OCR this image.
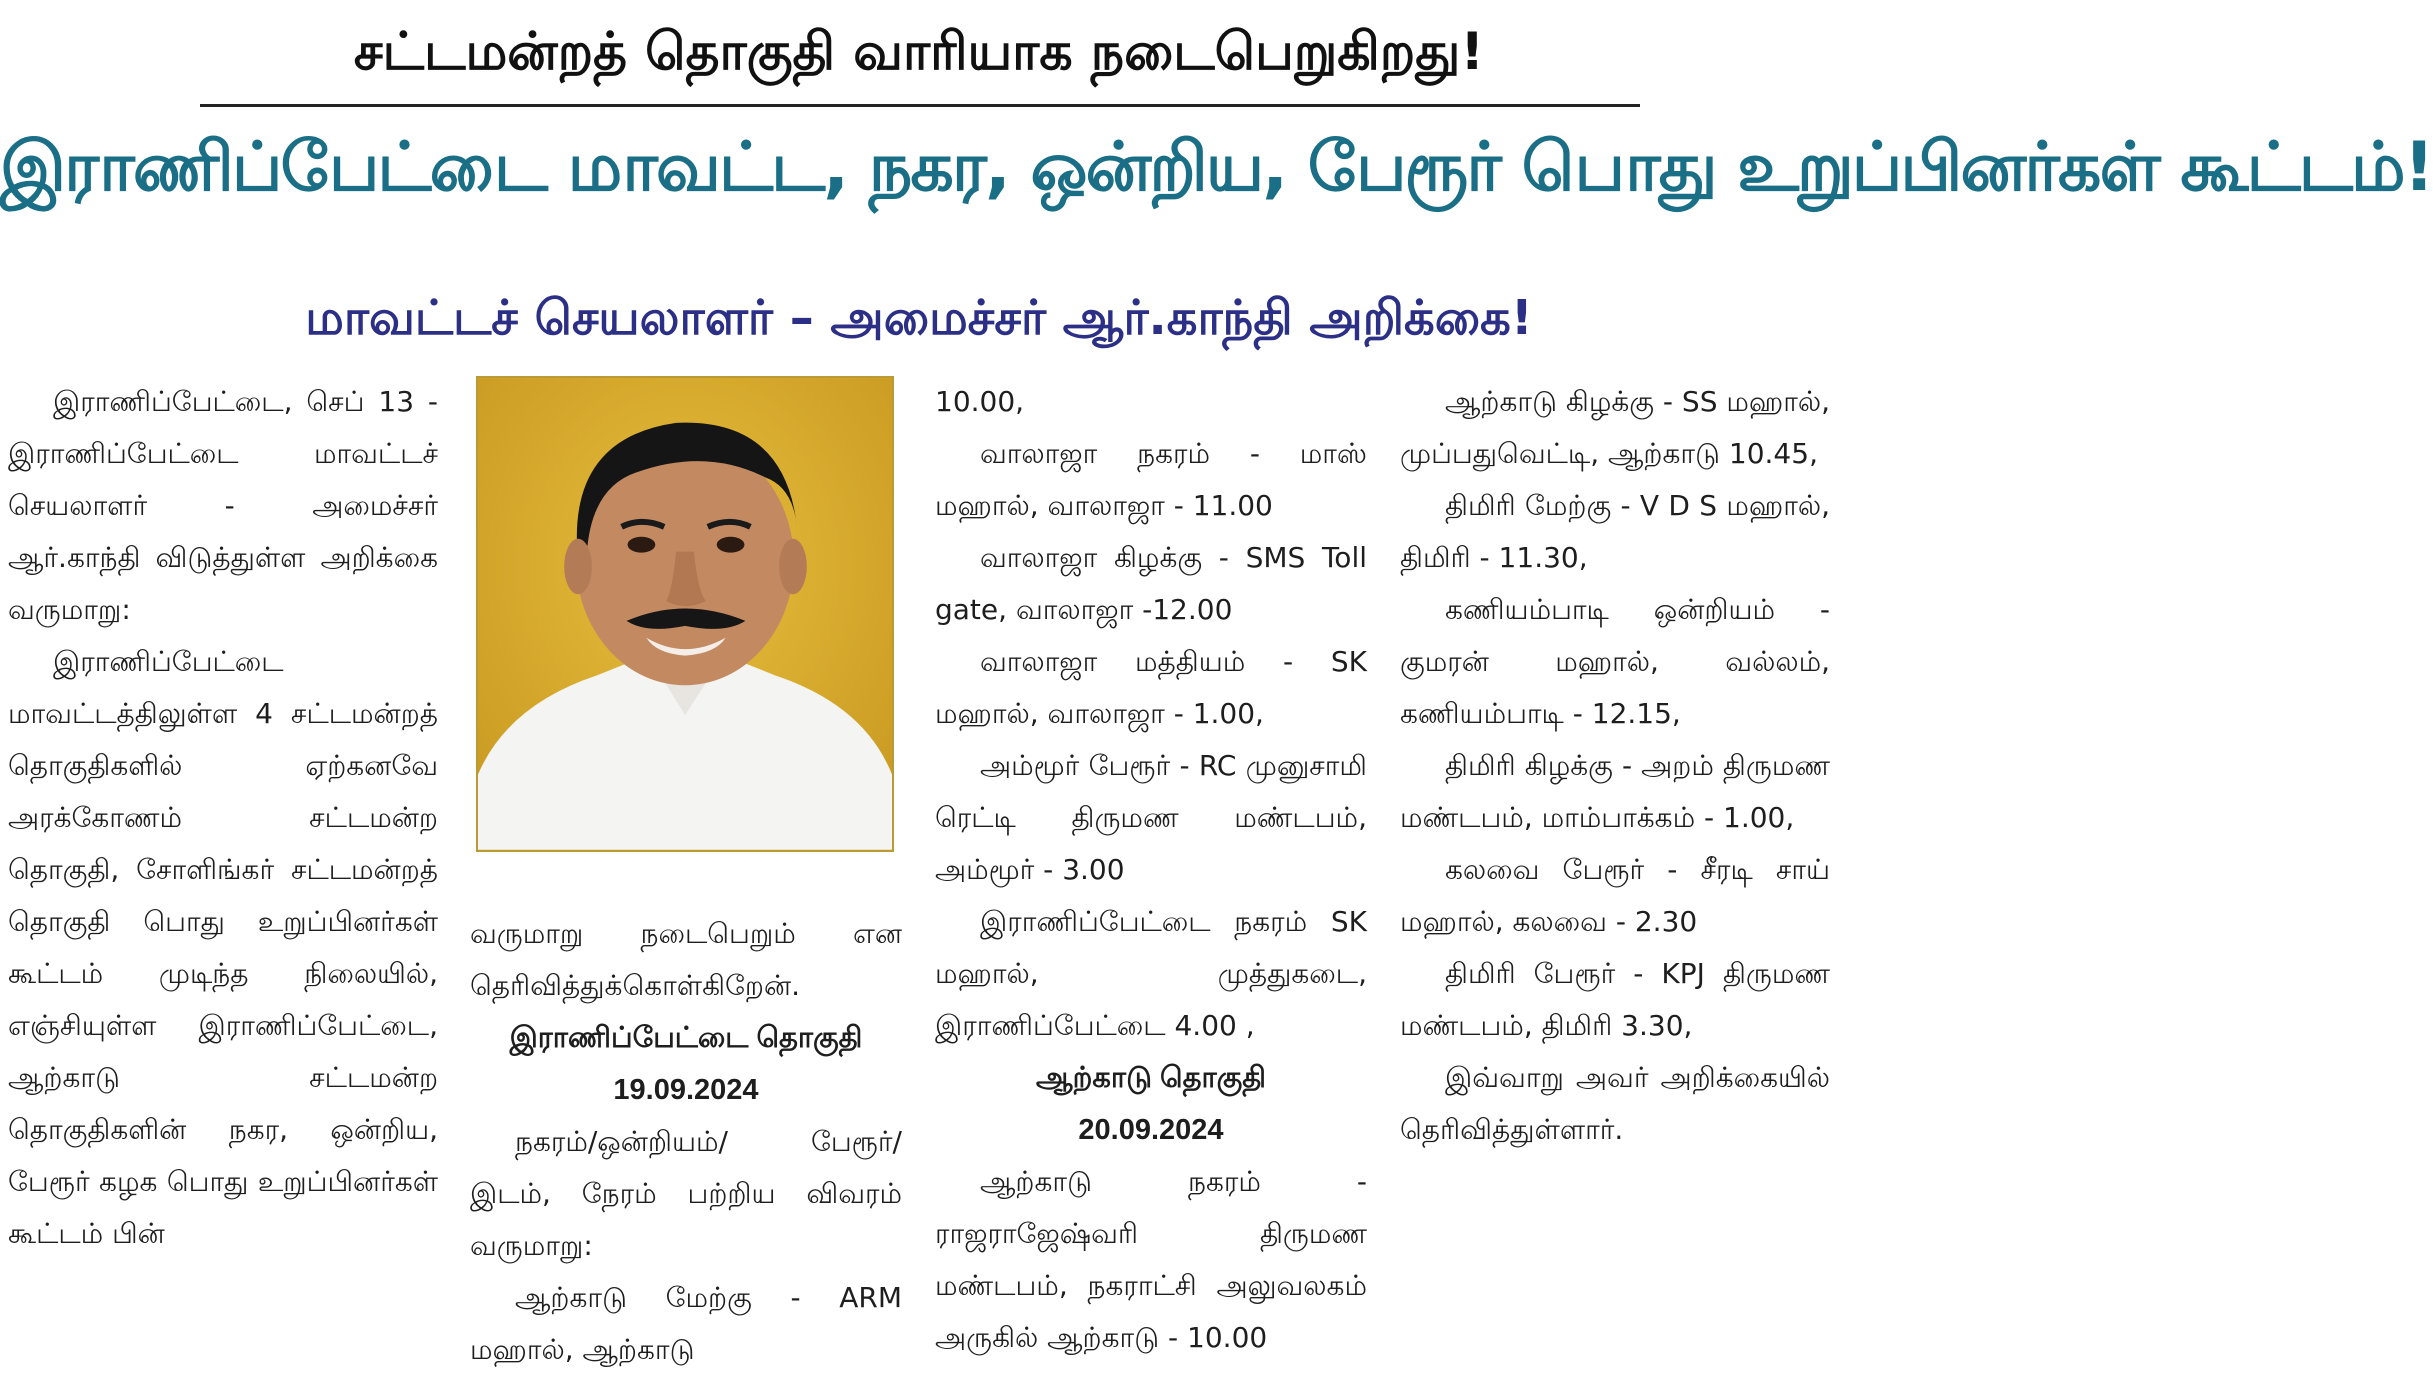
சட்டமன்றத் தொகுதி வாரியாக நடைபெறுகிறது!
இராணிப்பேட்டை மாவட்ட, நகர, ஒன்றிய, பேரூர் பொது உறுப்பினர்கள் கூட்டம்!
மாவட்டச் செயலாளர் – அமைச்சர் ஆர்.காந்தி அறிக்கை!

இராணிப்பேட்டை, செப் 13 - இராணிப்பேட்டை மாவட்டச் செயலாளர் - அமைச்சர் ஆர்.காந்தி விடுத்துள்ள அறிக்கை வருமாறு:

இராணிப்பேட்டை மாவட்டத்திலுள்ள 4 சட்டமன்றத் தொகுதிகளில் ஏற்கனவே அரக்கோணம் சட்டமன்ற தொகுதி, சோளிங்கர் சட்டமன்றத் தொகுதி பொது உறுப்பினர்கள் கூட்டம் முடிந்த நிலையில், எஞ்சியுள்ள இராணிப்பேட்டை, ஆற்காடு சட்டமன்ற தொகுதிகளின் நகர, ஒன்றிய, பேரூர் கழக பொது உறுப்பினர்கள் கூட்டம் பின்

வருமாறு நடைபெறும் என தெரிவித்துக்கொள்கிறேன்.

இராணிப்பேட்டை தொகுதி

19.09.2024

நகரம்/ஒன்றியம்/ பேரூர்/ இடம், நேரம் பற்றிய விவரம் வருமாறு:

ஆற்காடு மேற்கு - ARM மஹால், ஆற்காடு

10.00,

வாலாஜா நகரம் - மாஸ் மஹால், வாலாஜா - 11.00

வாலாஜா கிழக்கு - SMS Toll gate, வாலாஜா -12.00

வாலாஜா மத்தியம் - SK மஹால், வாலாஜா - 1.00,

அம்மூர் பேரூர் - RC முனுசாமி ரெட்டி திருமண மண்டபம், அம்மூர் - 3.00

இராணிப்பேட்டை நகரம் SK மஹால், முத்துகடை, இராணிப்பேட்டை 4.00 ,

ஆற்காடு தொகுதி

20.09.2024

ஆற்காடு நகரம் - ராஜராஜேஷ்வரி திருமண மண்டபம், நகராட்சி அலுவலகம் அருகில் ஆற்காடு - 10.00

ஆற்காடு கிழக்கு - SS மஹால், முப்பதுவெட்டி, ஆற்காடு 10.45,

திமிரி மேற்கு - V D S மஹால், திமிரி - 11.30,

கணியம்பாடி ஒன்றியம் - குமரன் மஹால், வல்லம், கணியம்பாடி - 12.15,

திமிரி கிழக்கு - அறம் திருமண மண்டபம், மாம்பாக்கம் - 1.00,

கலவை பேரூர் - சீரடி சாய் மஹால், கலவை - 2.30

திமிரி பேரூர் - KPJ திருமண மண்டபம், திமிரி 3.30,

இவ்வாறு அவர் அறிக்கையில் தெரிவித்துள்ளார்.
